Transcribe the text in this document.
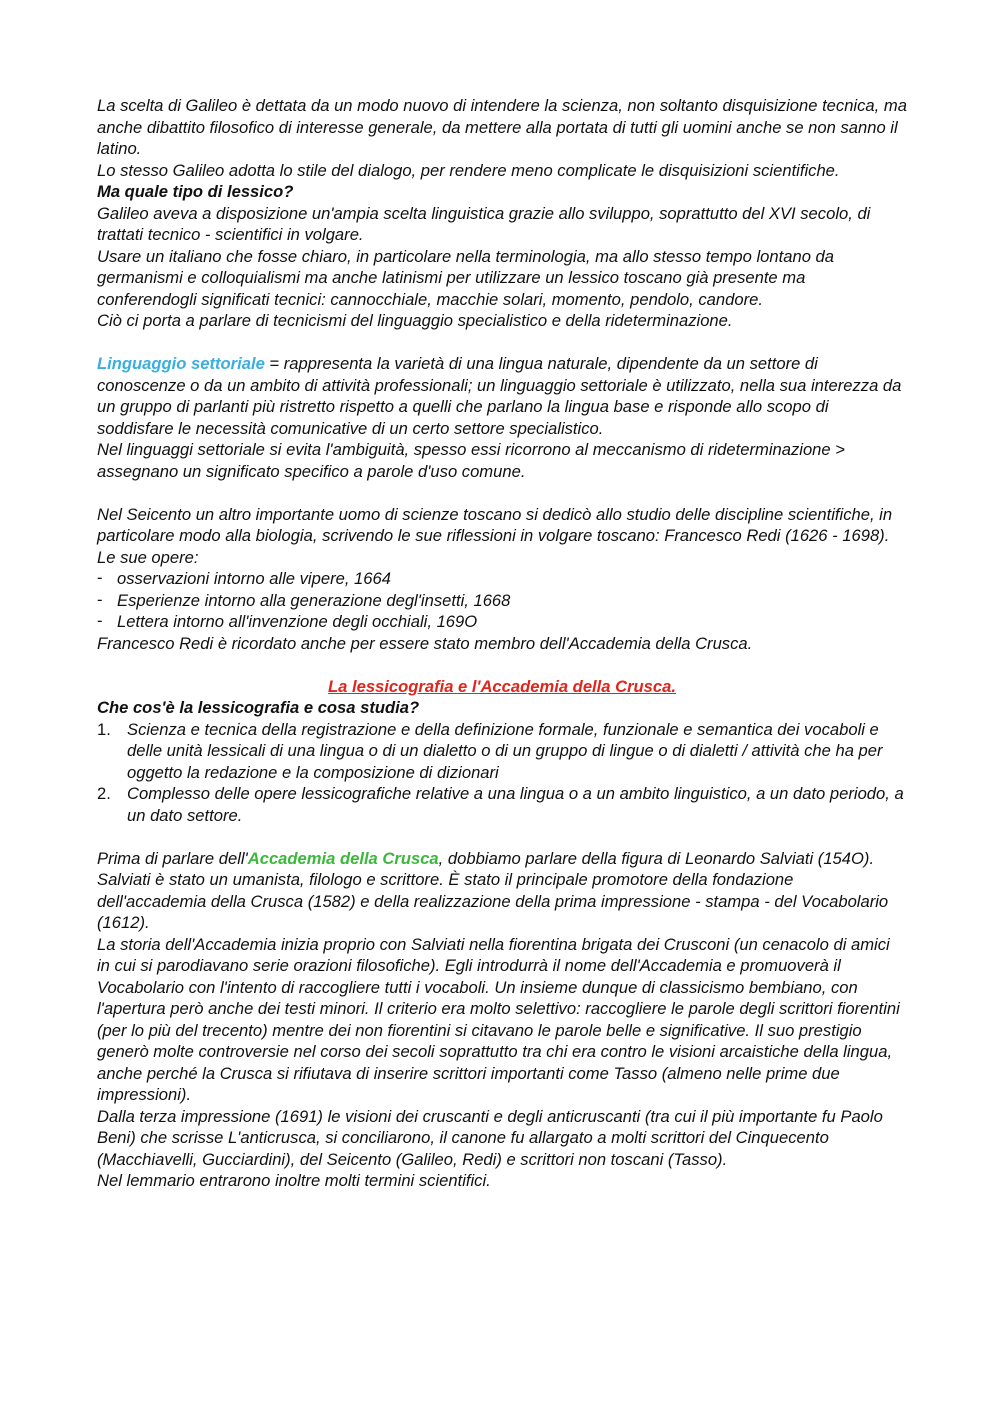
La scelta di Galileo è dettata da un modo nuovo di intendere la scienza, non soltanto disquisizione tecnica, ma anche dibattito filosofico di interesse generale, da mettere alla portata di tutti gli uomini anche se non sanno il latino.

Lo stesso Galileo adotta lo stile del dialogo, per rendere meno complicate le disquisizioni scientifiche.

Ma quale tipo di lessico?

Galileo aveva a disposizione un'ampia scelta linguistica grazie allo sviluppo, soprattutto del XVI secolo, di trattati tecnico - scientifici in volgare.

Usare un italiano che fosse chiaro, in particolare nella terminologia, ma allo stesso tempo lontano da germanismi e colloquialismi ma anche latinismi per utilizzare un lessico toscano già presente ma conferendogli significati tecnici: cannocchiale, macchie solari, momento, pendolo, candore.

Ciò ci porta a parlare di tecnicismi del linguaggio specialistico e della rideterminazione.

Linguaggio settoriale = rappresenta la varietà di una lingua naturale, dipendente da un settore di conoscenze o da un ambito di attività professionali; un linguaggio settoriale è utilizzato, nella sua interezza da un gruppo di parlanti più ristretto rispetto a quelli che parlano la lingua base e risponde allo scopo di soddisfare le necessità comunicative di un certo settore specialistico.

Nel linguaggi settoriale si evita l'ambiguità, spesso essi ricorrono al meccanismo di rideterminazione > assegnano un significato specifico a parole d'uso comune.

Nel Seicento un altro importante uomo di scienze toscano si dedicò allo studio delle discipline scientifiche, in particolare modo alla biologia, scrivendo le sue riflessioni in volgare toscano: Francesco Redi (1626 - 1698). Le sue opere:

- osservazioni intorno alle vipere, 1664
- Esperienze intorno alla generazione degl'insetti, 1668
- Lettera intorno all'invenzione degli occhiali, 169O

Francesco Redi è ricordato anche per essere stato membro dell'Accademia della Crusca.

La lessicografia e l'Accademia della Crusca.

Che cos'è la lessicografia e cosa studia?

1. Scienza e tecnica della registrazione e della definizione formale, funzionale e semantica dei vocaboli e delle unità lessicali di una lingua o di un dialetto o di un gruppo di lingue o di dialetti / attività che ha per oggetto la redazione e la composizione di dizionari
2. Complesso delle opere lessicografiche relative a una lingua o a un ambito linguistico, a un dato periodo, a un dato settore.

Prima di parlare dell'Accademia della Crusca, dobbiamo parlare della figura di Leonardo Salviati (154O). Salviati è stato un umanista, filologo e scrittore. È stato il principale promotore della fondazione dell'accademia della Crusca (1582) e della realizzazione della prima impressione - stampa - del Vocabolario (1612).

La storia dell'Accademia inizia proprio con Salviati nella fiorentina brigata dei Crusconi (un cenacolo di amici in cui si parodiavano serie orazioni filosofiche). Egli introdurrà il nome dell'Accademia e promuoverà il Vocabolario con l'intento di raccogliere tutti i vocaboli. Un insieme dunque di classicismo bembiano, con l'apertura però anche dei testi minori. Il criterio era molto selettivo: raccogliere le parole degli scrittori fiorentini (per lo più del trecento) mentre dei non fiorentini si citavano le parole belle e significative. Il suo prestigio generò molte controversie nel corso dei secoli soprattutto tra chi era contro le visioni arcaistiche della lingua, anche perché la Crusca si rifiutava di inserire scrittori importanti come Tasso (almeno nelle prime due impressioni).

Dalla terza impressione (1691) le visioni dei cruscanti e degli anticruscanti (tra cui il più importante fu Paolo Beni) che scrisse L'anticrusca, si conciliarono, il canone fu allargato a molti scrittori del Cinquecento (Macchiavelli, Gucciardini), del Seicento (Galileo, Redi) e scrittori non toscani (Tasso).

Nel lemmario entrarono inoltre molti termini scientifici.
